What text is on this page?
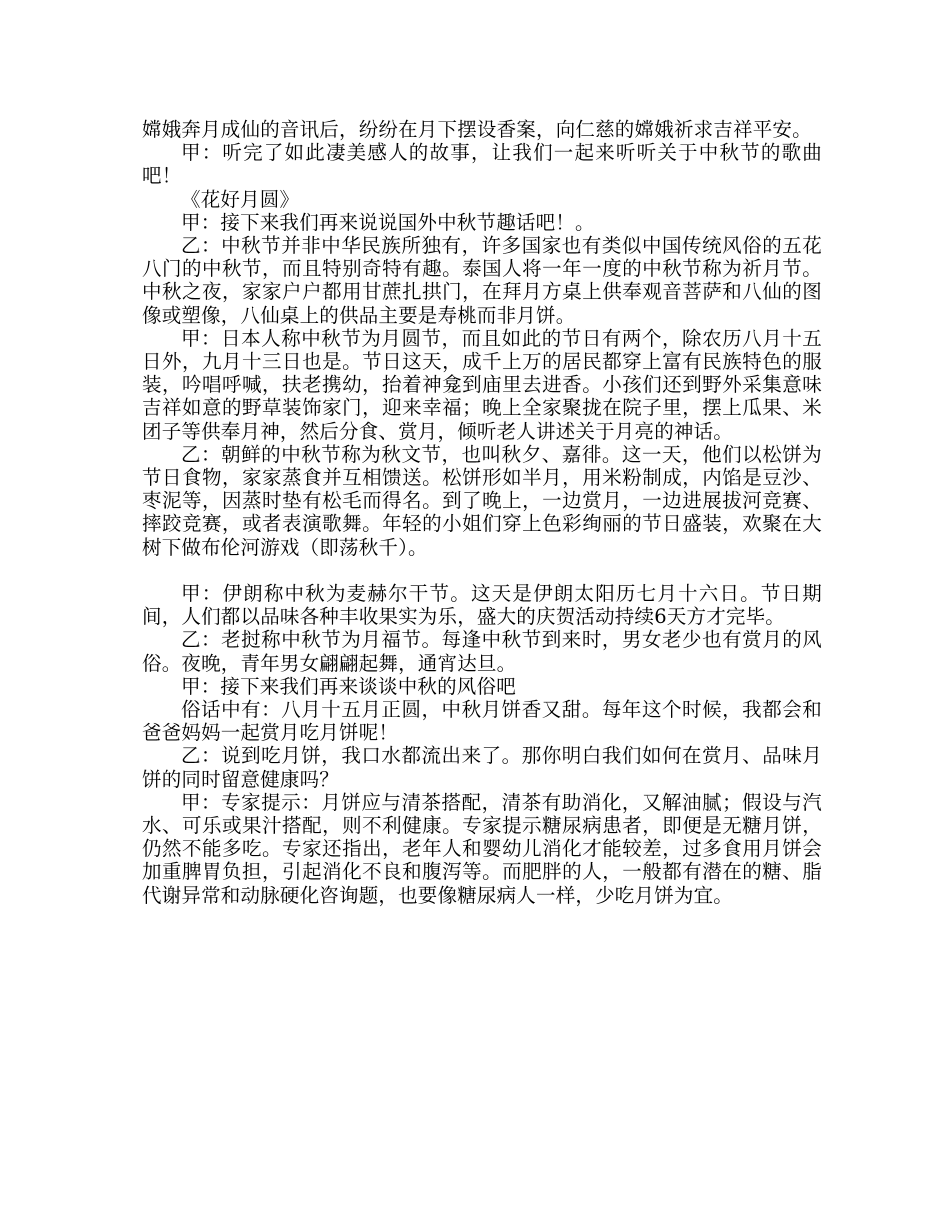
嫦娥奔月成仙的音讯后，纷纷在月下摆设香案，向仁慈的嫦娥祈求吉祥平安。

甲：听完了如此凄美感人的故事，让我们一起来听听关于中秋节的歌曲吧！

《花好月圆》

甲：接下来我们再来说说国外中秋节趣话吧！。

乙：中秋节并非中华民族所独有，许多国家也有类似中国传统风俗的五花八门的中秋节，而且特别奇特有趣。泰国人将一年一度的中秋节称为祈月节。中秋之夜，家家户户都用甘蔗扎拱门，在拜月方桌上供奉观音菩萨和八仙的图像或塑像，八仙桌上的供品主要是寿桃而非月饼。

甲：日本人称中秋节为月圆节，而且如此的节日有两个，除农历八月十五日外，九月十三日也是。节日这天，成千上万的居民都穿上富有民族特色的服装，吟唱呼喊，扶老携幼，抬着神龛到庙里去进香。小孩们还到野外采集意味吉祥如意的野草装饰家门，迎来幸福；晚上全家聚拢在院子里，摆上瓜果、米团子等供奉月神，然后分食、赏月，倾听老人讲述关于月亮的神话。

乙：朝鲜的中秋节称为秋文节，也叫秋夕、嘉徘。这一天，他们以松饼为节日食物，家家蒸食并互相馈送。松饼形如半月，用米粉制成，内馅是豆沙、枣泥等，因蒸时垫有松毛而得名。到了晚上，一边赏月，一边进展拔河竞赛、摔跤竞赛，或者表演歌舞。年轻的小姐们穿上色彩绚丽的节日盛装，欢聚在大树下做布伦河游戏（即荡秋千）。

甲：伊朗称中秋为麦赫尔干节。这天是伊朗太阳历七月十六日。节日期间，人们都以品味各种丰收果实为乐，盛大的庆贺活动持续6天方才完毕。

乙：老挝称中秋节为月福节。每逢中秋节到来时，男女老少也有赏月的风俗。夜晚，青年男女翩翩起舞，通宵达旦。

甲：接下来我们再来谈谈中秋的风俗吧

俗话中有：八月十五月正圆，中秋月饼香又甜。每年这个时候，我都会和爸爸妈妈一起赏月吃月饼呢！

乙：说到吃月饼，我口水都流出来了。那你明白我们如何在赏月、品味月饼的同时留意健康吗？

甲：专家提示：月饼应与清茶搭配，清茶有助消化，又解油腻；假设与汽水、可乐或果汁搭配，则不利健康。专家提示糖尿病患者，即便是无糖月饼，仍然不能多吃。专家还指出，老年人和婴幼儿消化才能较差，过多食用月饼会加重脾胃负担，引起消化不良和腹泻等。而肥胖的人，一般都有潜在的糖、脂代谢异常和动脉硬化咨询题，也要像糖尿病人一样，少吃月饼为宜。
